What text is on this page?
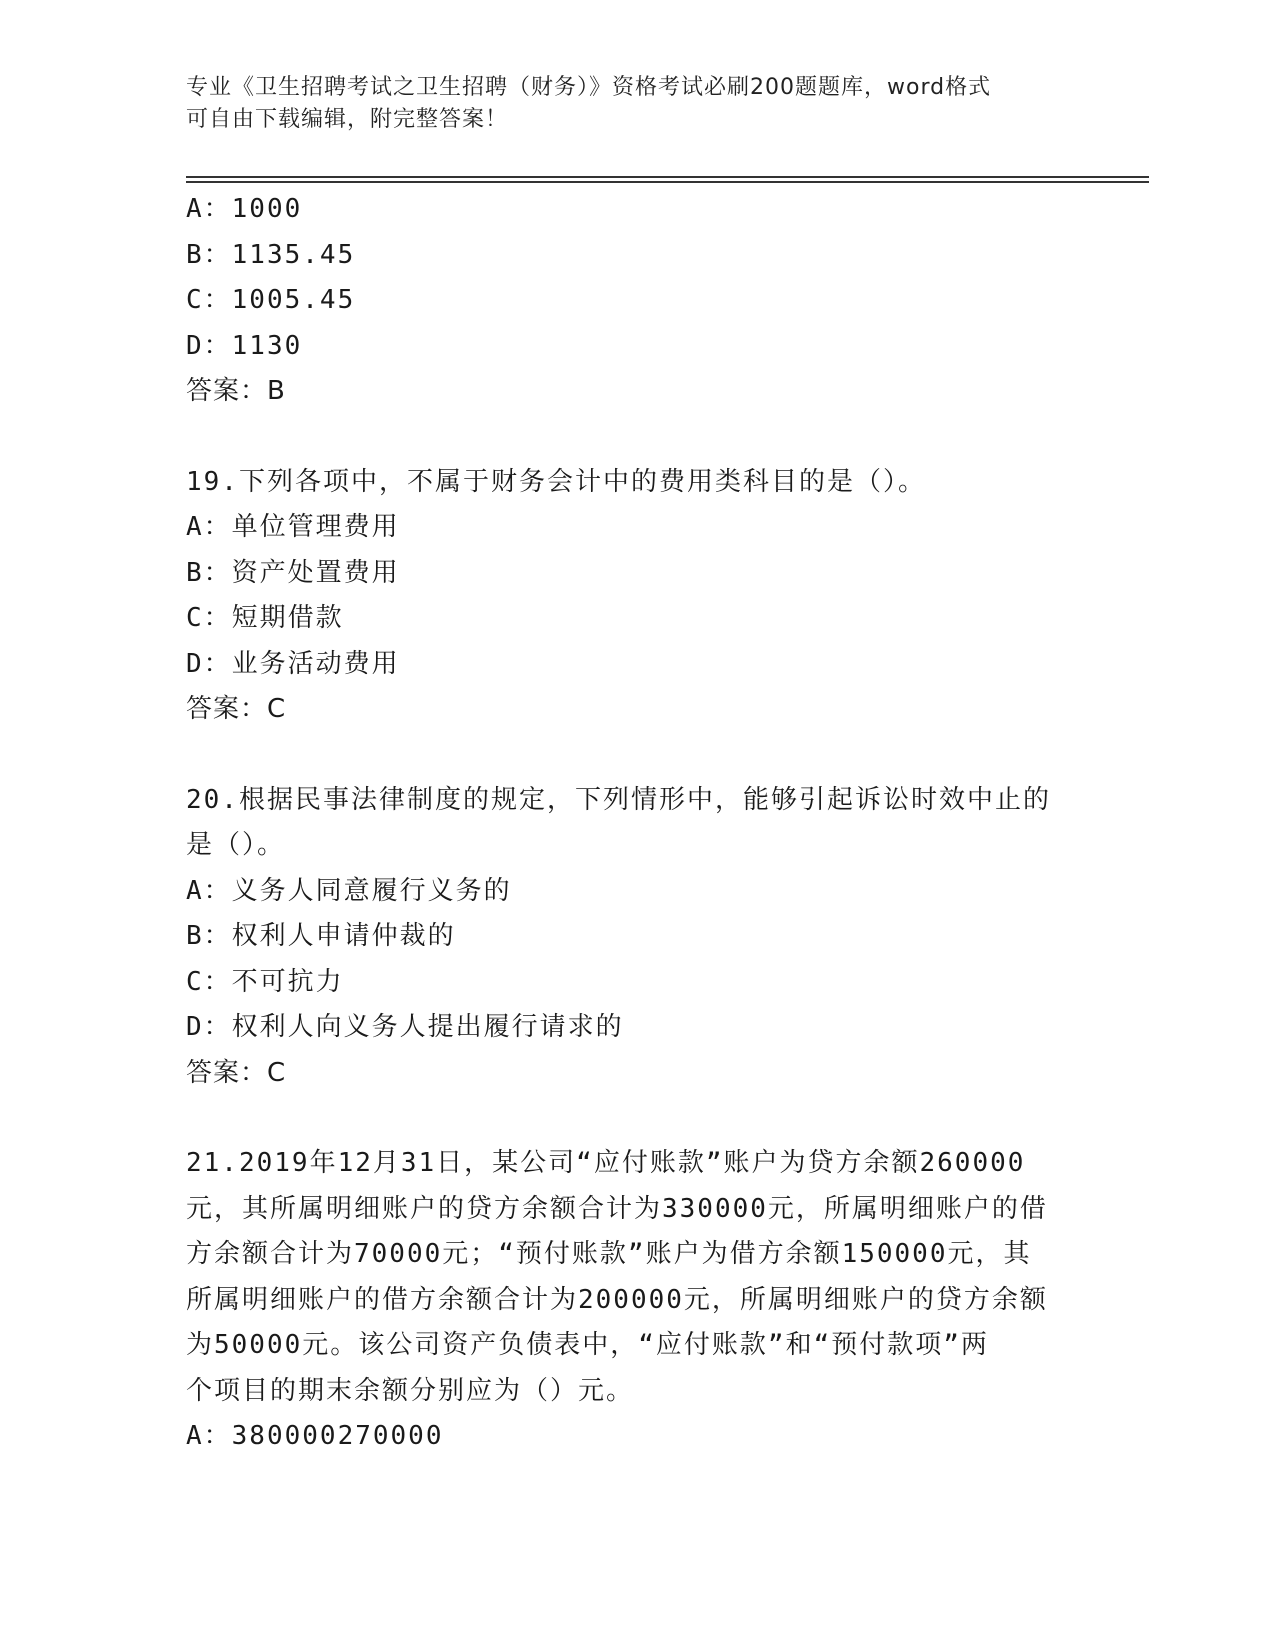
专业《卫生招聘考试之卫生招聘（财务）》资格考试必刷200题题库，word格式
可自由下载编辑，附完整答案！
A：1000
B：1135.45
C：1005.45
D：1130
答案：B
19.下列各项中，不属于财务会计中的费用类科目的是（）。
A：单位管理费用
B：资产处置费用
C：短期借款
D：业务活动费用
答案：C
20.根据民事法律制度的规定，下列情形中，能够引起诉讼时效中止的
是（）。
A：义务人同意履行义务的
B：权利人申请仲裁的
C：不可抗力
D：权利人向义务人提出履行请求的
答案：C
21.2019年12月31日，某公司“应付账款”账户为贷方余额260000
元，其所属明细账户的贷方余额合计为330000元，所属明细账户的借
方余额合计为70000元；“预付账款”账户为借方余额150000元，其
所属明细账户的借方余额合计为200000元，所属明细账户的贷方余额
为50000元。该公司资产负债表中，“应付账款”和“预付款项”两
个项目的期末余额分别应为（）元。
A：380000270000
